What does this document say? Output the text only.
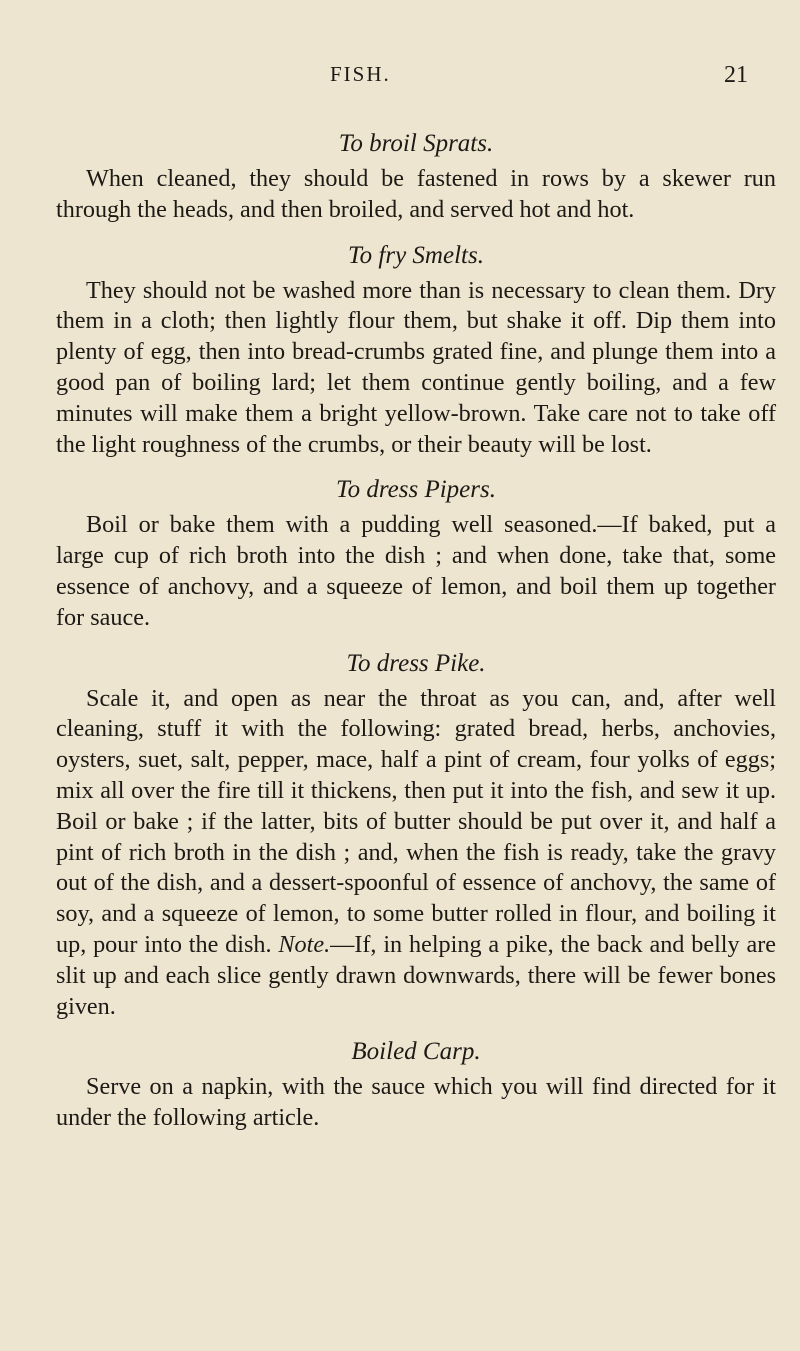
FISH.	21
To broil Sprats.

When cleaned, they should be fastened in rows by a skewer run through the heads, and then broiled, and served hot and hot.

To fry Smelts.

They should not be washed more than is necessary to clean them. Dry them in a cloth; then lightly flour them, but shake it off. Dip them into plenty of egg, then into bread-crumbs grated fine, and plunge them into a good pan of boiling lard; let them continue gently boiling, and a few minutes will make them a bright yellow-brown. Take care not to take off the light roughness of the crumbs, or their beauty will be lost.

To dress Pipers.

Boil or bake them with a pudding well seasoned.—If baked, put a large cup of rich broth into the dish ; and when done, take that, some essence of anchovy, and a squeeze of lemon, and boil them up together for sauce.

To dress Pike.

Scale it, and open as near the throat as you can, and, after well cleaning, stuff it with the following: grated bread, herbs, anchovies, oysters, suet, salt, pepper, mace, half a pint of cream, four yolks of eggs; mix all over the fire till it thickens, then put it into the fish, and sew it up. Boil or bake ; if the latter, bits of butter should be put over it, and half a pint of rich broth in the dish ; and, when the fish is ready, take the gravy out of the dish, and a dessert-spoonful of essence of anchovy, the same of soy, and a squeeze of lemon, to some butter rolled in flour, and boiling it up, pour into the dish. Note.—If, in helping a pike, the back and belly are slit up and each slice gently drawn downwards, there will be fewer bones given.

Boiled Carp.

Serve on a napkin, with the sauce which you will find directed for it under the following article.
